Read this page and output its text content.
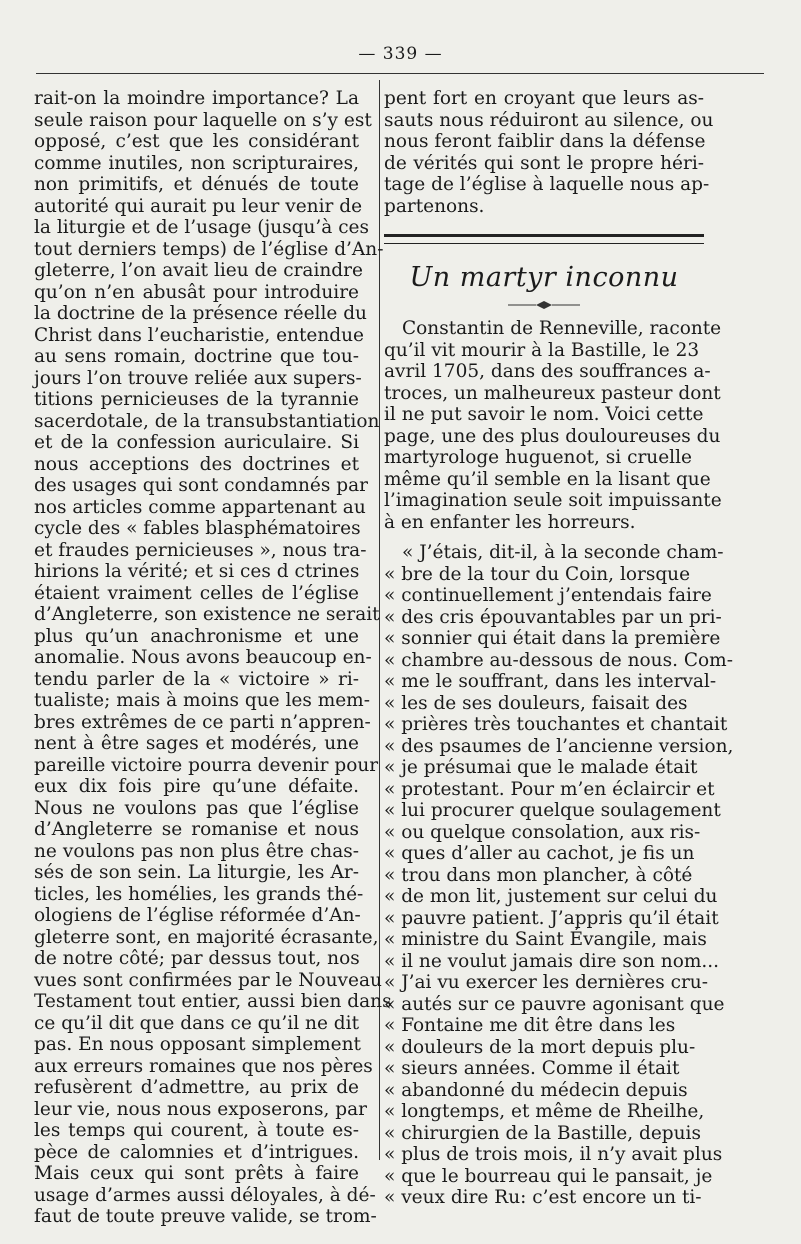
— 339 —
rait-on la moindre importance? La
seule raison pour laquelle on s’y est
opposé, c’est que les considérant
comme inutiles, non scripturaires,
non primitifs, et dénués de toute
autorité qui aurait pu leur venir de
la liturgie et de l’usage (jusqu’à ces
tout derniers temps) de l’église d’An-
gleterre, l’on avait lieu de craindre
qu’on n’en abusât pour introduire
la doctrine de la présence réelle du
Christ dans l’eucharistie, entendue
au sens romain, doctrine que tou-
jours l’on trouve reliée aux supers-
titions pernicieuses de la tyrannie
sacerdotale, de la transubstantiation
et de la confession auriculaire. Si
nous acceptions des doctrines et
des usages qui sont condamnés par
nos articles comme appartenant au
cycle des « fables blasphématoires
et fraudes pernicieuses », nous tra-
hirions la vérité; et si ces d ctrines
étaient vraiment celles de l’église
d’Angleterre, son existence ne serait
plus qu’un anachronisme et une
anomalie. Nous avons beaucoup en-
tendu parler de la « victoire » ri-
tualiste; mais à moins que les mem-
bres extrêmes de ce parti n’appren-
nent à être sages et modérés, une
pareille victoire pourra devenir pour
eux dix fois pire qu’une défaite.
Nous ne voulons pas que l’église
d’Angleterre se romanise et nous
ne voulons pas non plus être chas-
sés de son sein. La liturgie, les Ar-
ticles, les homélies, les grands thé-
ologiens de l’église réformée d’An-
gleterre sont, en majorité écrasante,
de notre côté; par dessus tout, nos
vues sont confirmées par le Nouveau
Testament tout entier, aussi bien dans
ce qu’il dit que dans ce qu’il ne dit
pas. En nous opposant simplement
aux erreurs romaines que nos pères
refusèrent d’admettre, au prix de
leur vie, nous nous exposerons, par
les temps qui courent, à toute es-
pèce de calomnies et d’intrigues.
Mais ceux qui sont prêts à faire
usage d’armes aussi déloyales, à dé-
faut de toute preuve valide, se trom-
pent fort en croyant que leurs as-
sauts nous réduiront au silence, ou
nous feront faiblir dans la défense
de vérités qui sont le propre héri-
tage de l’église à laquelle nous ap-
partenons.
Un martyr inconnu
Constantin de Renneville, raconte
qu’il vit mourir à la Bastille, le 23
avril 1705, dans des souffrances a-
troces, un malheureux pasteur dont
il ne put savoir le nom. Voici cette
page, une des plus douloureuses du
martyrologe huguenot, si cruelle
même qu’il semble en la lisant que
l’imagination seule soit impuissante
à en enfanter les horreurs.
« J’étais, dit-il, à la seconde cham-
« bre de la tour du Coin, lorsque
« continuellement j’entendais faire
« des cris épouvantables par un pri-
« sonnier qui était dans la première
« chambre au-dessous de nous. Com-
« me le souffrant, dans les interval-
« les de ses douleurs, faisait des
« prières très touchantes et chantait
« des psaumes de l’ancienne version,
« je présumai que le malade était
« protestant. Pour m’en éclaircir et
« lui procurer quelque soulagement
« ou quelque consolation, aux ris-
« ques d’aller au cachot, je fis un
« trou dans mon plancher, à côté
« de mon lit, justement sur celui du
« pauvre patient. J’appris qu’il était
« ministre du Saint Évangile, mais
« il ne voulut jamais dire son nom...
« J’ai vu exercer les dernières cru-
« autés sur ce pauvre agonisant que
« Fontaine me dit être dans les
« douleurs de la mort depuis plu-
« sieurs années. Comme il était
« abandonné du médecin depuis
« longtemps, et même de Rheilhe,
« chirurgien de la Bastille, depuis
« plus de trois mois, il n’y avait plus
« que le bourreau qui le pansait, je
« veux dire Ru: c’est encore un ti-
